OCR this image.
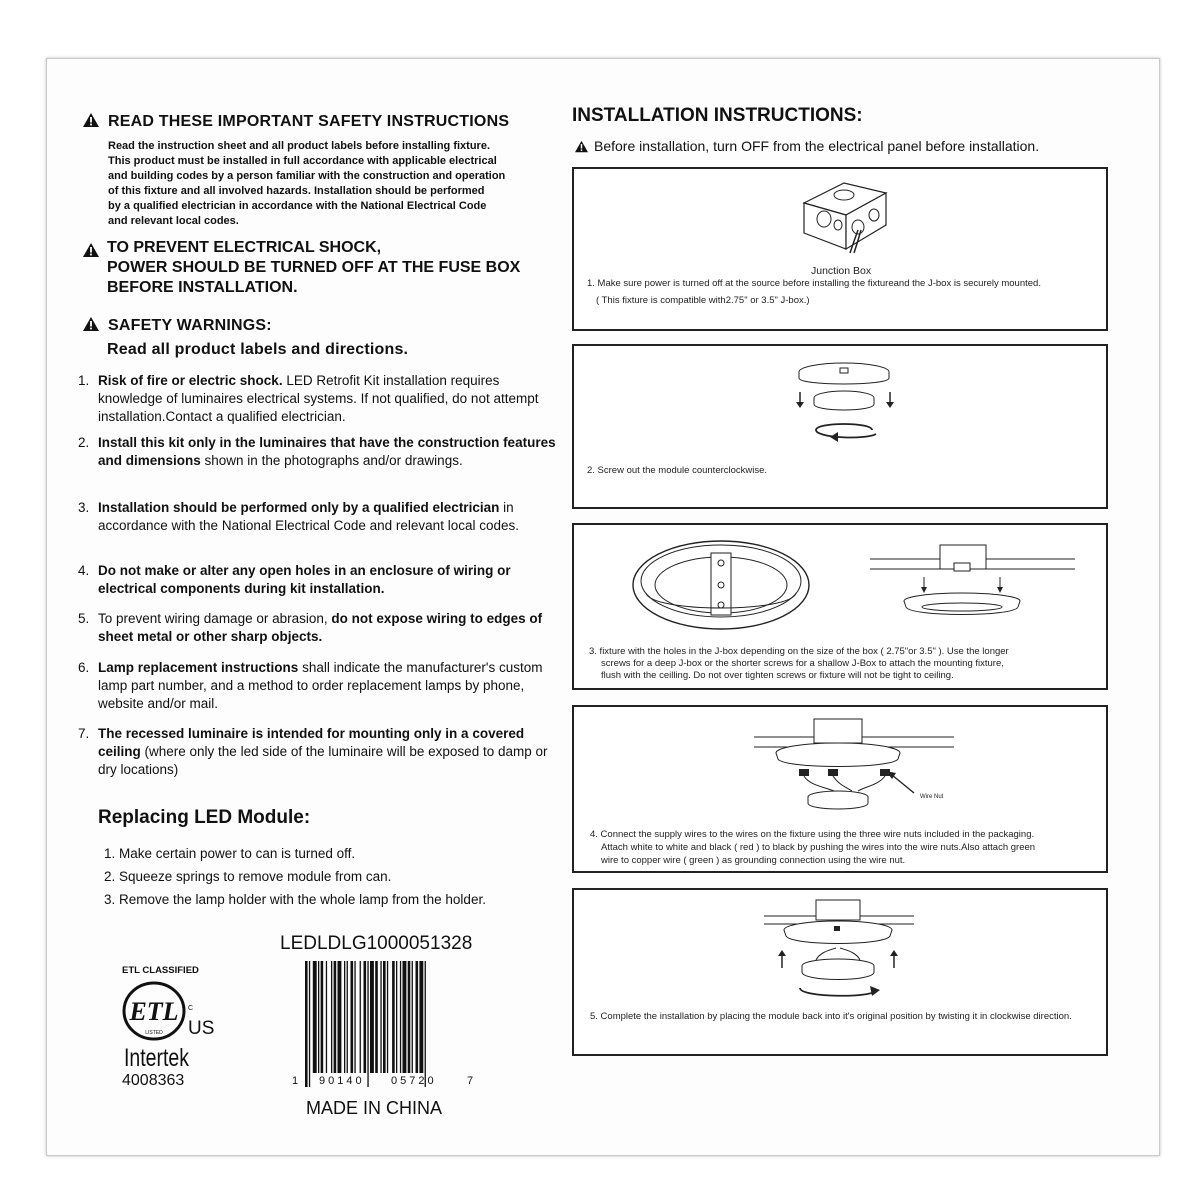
READ THESE IMPORTANT SAFETY INSTRUCTIONS
Read the instruction sheet and all product labels before installing fixture.
This product must be installed in full accordance with applicable electrical
and building codes by a person familiar with the construction and operation
of this fixture and all involved hazards. Installation should be performed
by a qualified electrician in accordance with the National Electrical Code
and relevant local codes.
TO PREVENT ELECTRICAL SHOCK,
POWER SHOULD BE TURNED OFF AT THE FUSE BOX
BEFORE INSTALLATION.
SAFETY WARNINGS:
Read all product labels and directions.
1. Risk of fire or electric shock. LED Retrofit Kit installation requires knowledge of luminaires electrical systems. If not qualified, do not attempt installation.Contact a qualified electrician.
2. Install this kit only in the luminaires that have the construction features and dimensions shown in the photographs and/or drawings.
3. Installation should be performed only by a qualified electrician in accordance with the National Electrical Code and relevant local codes.
4. Do not make or alter any open holes in an enclosure of wiring or electrical components during kit installation.
5. To prevent wiring damage or abrasion, do not expose wiring to edges of sheet metal or other sharp objects.
6. Lamp replacement instructions shall indicate the manufacturer's custom lamp part number, and a method to order replacement lamps by phone, website and/or mail.
7. The recessed luminaire is intended for mounting only in a covered ceiling (where only the led side of the luminaire will be exposed to damp or dry locations)
Replacing LED Module:
1. Make certain power to can is turned off.
2. Squeeze springs to remove module from can.
3. Remove the lamp holder with the whole lamp from the holder.
ETL CLASSIFIED
ETL
LISTED
C
US
Intertek
4008363
LEDLDLG1000051328
1 90140 05720	7
MADE IN CHINA
INSTALLATION INSTRUCTIONS:
Before installation, turn OFF from the electrical panel before installation.
Junction Box
1. Make sure power is turned off at the source before installing the fixtureand the J-box is securely mounted.
( This fixture is compatible with2.75" or 3.5" J-box.)
2. Screw out the module counterclockwise.
3. fixture with the holes in the J-box depending on the size of the box ( 2.75"or 3.5" ). Use the longer
screws for a deep J-box or the shorter screws for a shallow J-Box to attach the mounting fixture,
flush with the ceilling. Do not over tighten screws or fixture will not be tight to ceiling.
Wire Nut
4. Connect the supply wires to the wires on the fixture using the three wire nuts included in the packaging.
Attach white to white and black ( red ) to black by pushing the wires into the wire nuts.Also attach green
wire to copper wire ( green ) as grounding connection using the wire nut.
5. Complete the installation by placing the module back into it's original position by twisting it in clockwise direction.
